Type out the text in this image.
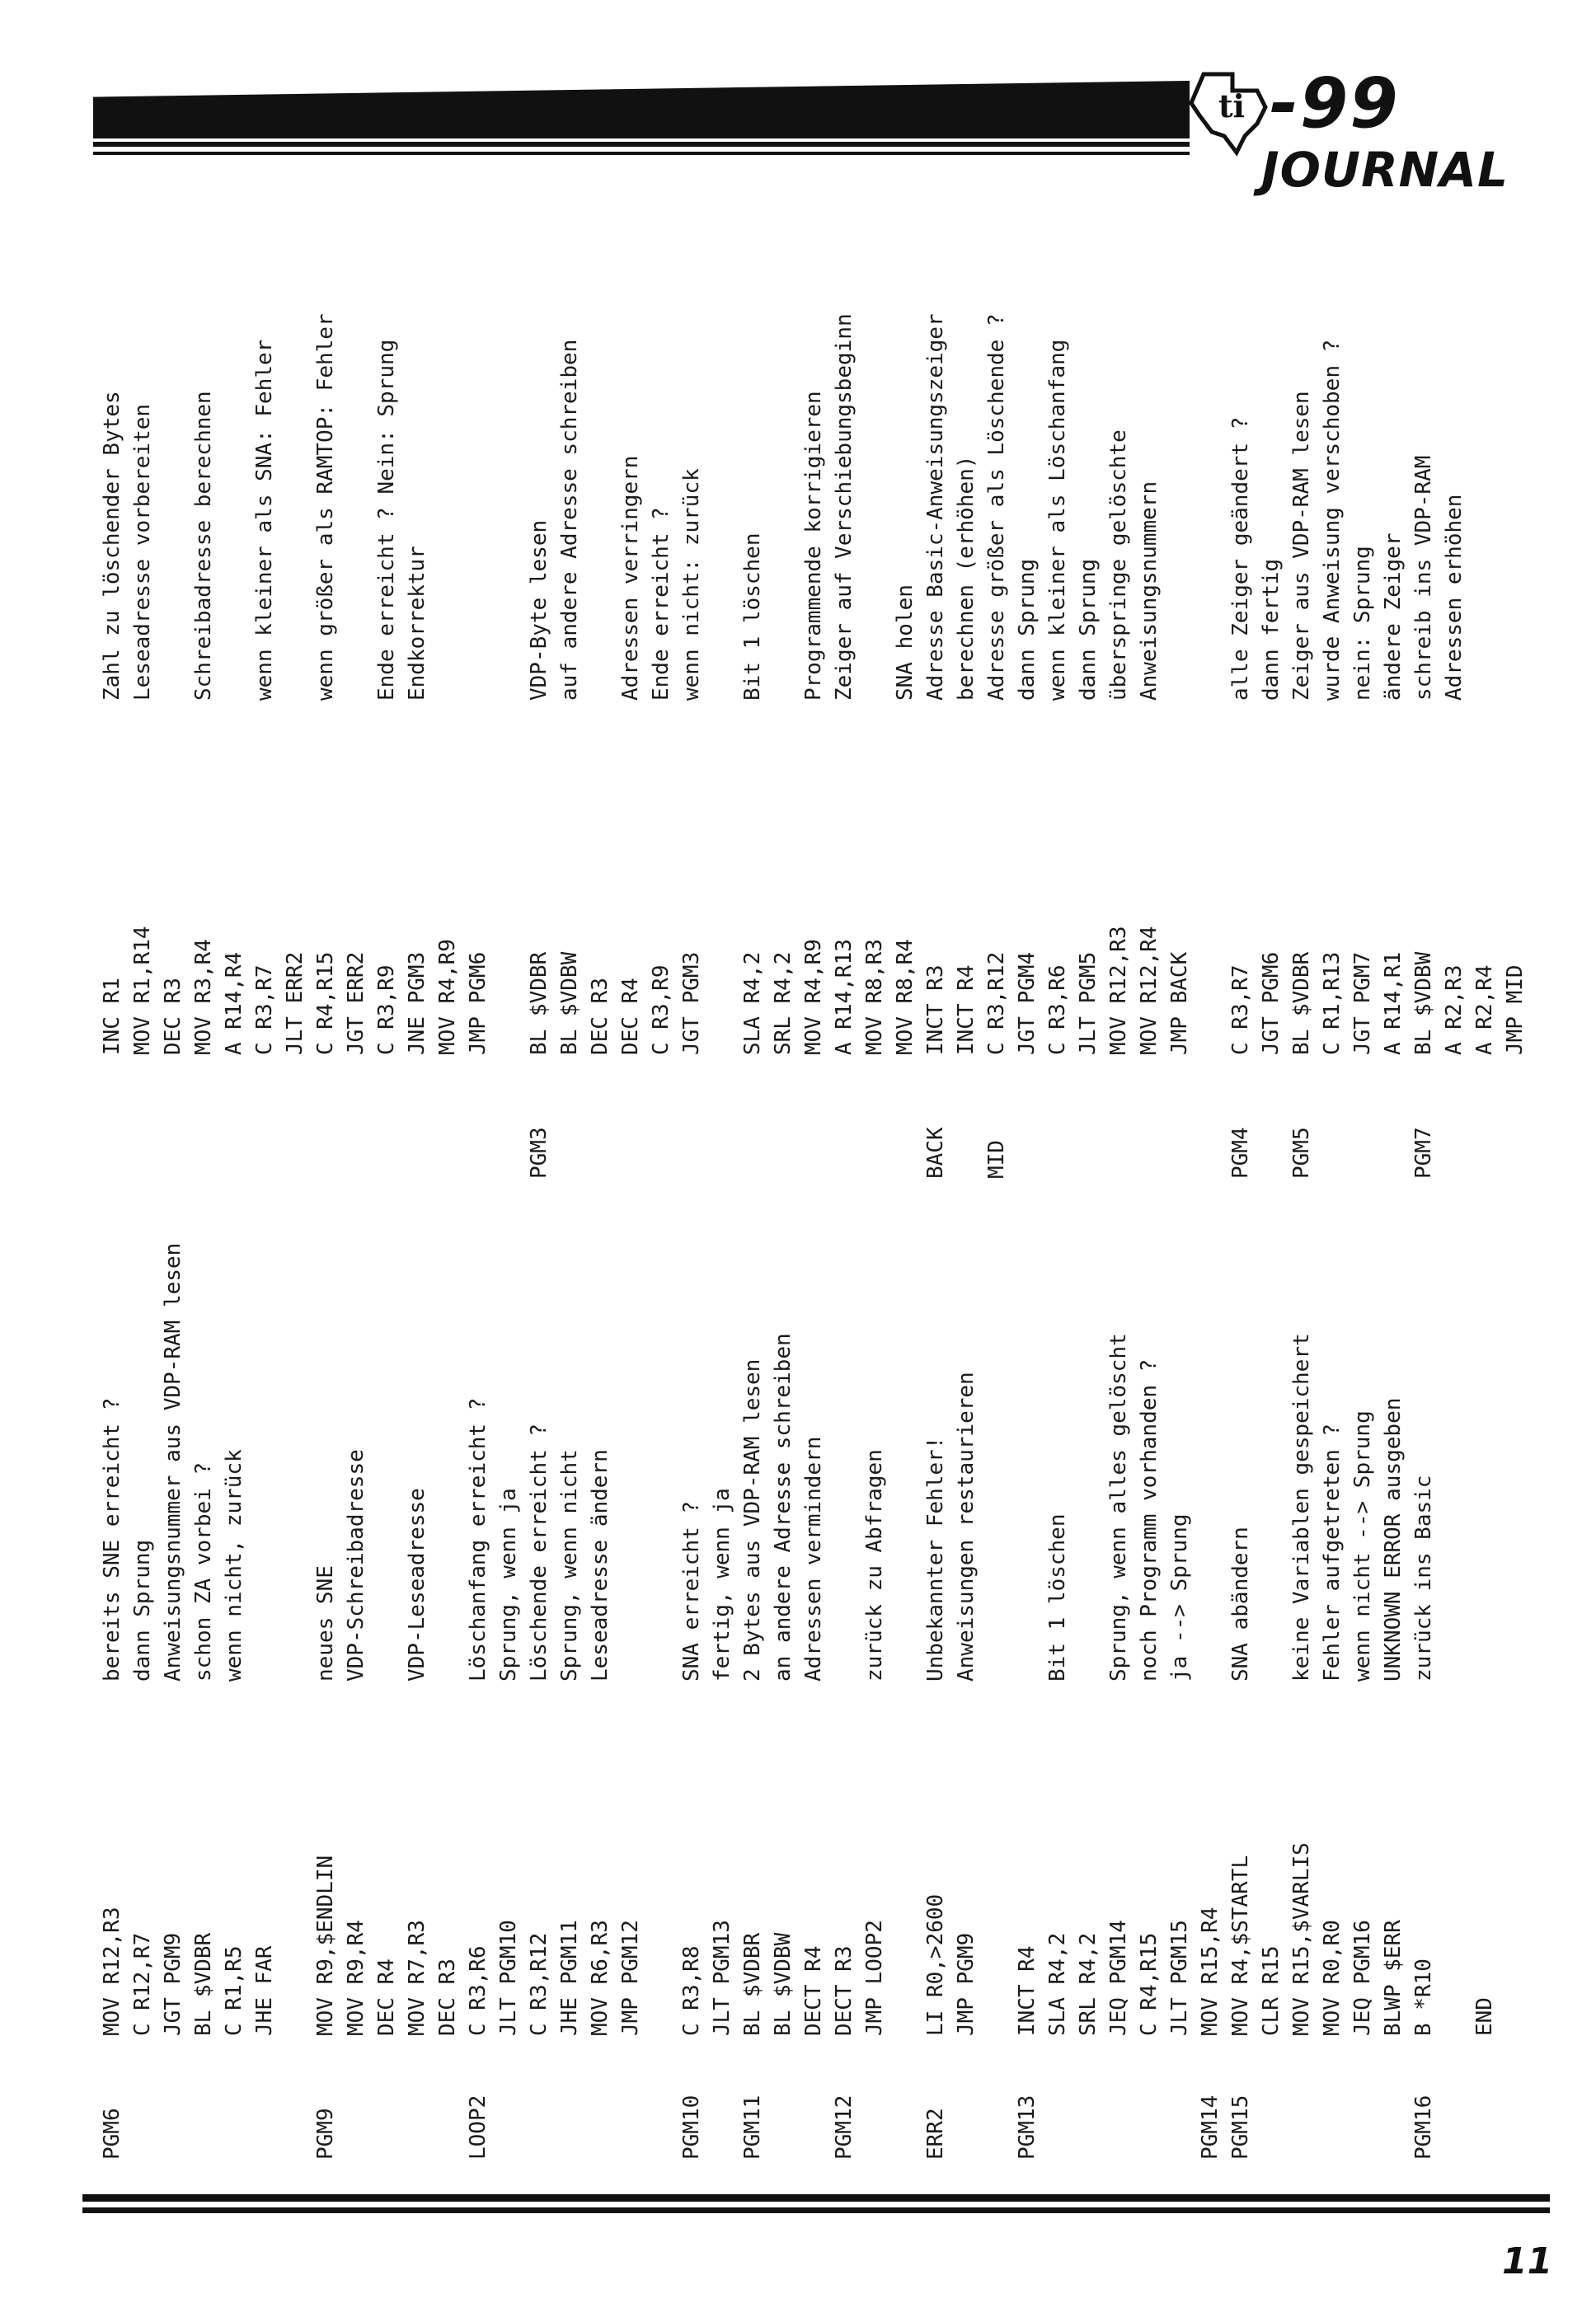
ti -99
JOURNAL
PGM6
MOV R12,R3
bereits SNE erreicht ?
C R12,R7
dann Sprung
JGT PGM9
Anweisungsnummer aus VDP-RAM lesen
BL $VDBR
schon ZA vorbei ?
C R1,R5
wenn nicht, zurück
JHE FAR
PGM9
MOV R9,$ENDLIN
neues SNE
MOV R9,R4
VDP-Schreibadresse
DEC R4 MOV R7,R3
VDP-Leseadresse
DEC R3
LOOP2
C R3,R6
Löschanfang erreicht ?
JLT PGM10
Sprung, wenn ja
C R3,R12
Löschende erreicht ?
JHE PGM11
Sprung, wenn nicht
MOV R6,R3
Leseadresse ändern
JMP PGM12
PGM10
C R3,R8
SNA erreicht ?
JLT PGM13
fertig, wenn ja
PGM11
BL $VDBR
2 Bytes aus VDP-RAM lesen
BL $VDBW
an andere Adresse schreiben
DECT R4
Adressen vermindern
PGM12
DECT R3 JMP LOOP2
zurück zu Abfragen
ERR2
LI R0,>2600
Unbekannter Fehler!
JMP PGM9
Anweisungen restaurieren
PGM13
INCT R4 SLA R4,2
Bit 1 löschen
SRL R4,2 JEQ PGM14
Sprung, wenn alles gelöscht
C R4,R15
noch Programm vorhanden ?
JLT PGM15
ja --> Sprung
PGM14
MOV R15,R4
PGM15
MOV R4,$STARTL
SNA abändern
CLR R15 MOV R15,$VARLIS
keine Variablen gespeichert
MOV R0,R0
Fehler aufgetreten ?
JEQ PGM16
wenn nicht --> Sprung
BLWP $ERR
UNKNOWN ERROR ausgeben
PGM16
B *R10
zurück ins Basic
END
INC R1
Zahl zu löschender Bytes
MOV R1,R14
Leseadresse vorbereiten
DEC R3 MOV R3,R4
Schreibadresse berechnen
A R14,R4 C R3,R7
wenn kleiner als SNA: Fehler
JLT ERR2 C R4,R15
wenn größer als RAMTOP: Fehler
JGT ERR2 C R3,R9
Ende erreicht ? Nein: Sprung
JNE PGM3
Endkorrektur
MOV R4,R9 JMP PGM6
PGM3
BL $VDBR
VDP-Byte lesen
BL $VDBW
auf andere Adresse schreiben
DEC R3 DEC R4
Adressen verringern
C R3,R9
Ende erreicht ?
JGT PGM3
wenn nicht: zurück
SLA R4,2
Bit 1 löschen
SRL R4,2 MOV R4,R9
Programmende korrigieren
A R14,R13
Zeiger auf Verschiebungsbeginn
MOV R8,R3 MOV R8,R4
SNA holen
BACK
INCT R3
Adresse Basic-Anweisungszeiger
INCT R4
berechnen (erhöhen)
MID
C R3,R12
Adresse größer als Löschende ?
JGT PGM4
dann Sprung
C R3,R6
wenn kleiner als Löschanfang
JLT PGM5
dann Sprung
MOV R12,R3
überspringe gelöschte
MOV R12,R4
Anweisungsnummern
JMP BACK
PGM4
C R3,R7
alle Zeiger geändert ?
JGT PGM6
dann fertig
PGM5
BL $VDBR
Zeiger aus VDP-RAM lesen
C R1,R13
wurde Anweisung verschoben ?
JGT PGM7
nein: Sprung
A R14,R1
ändere Zeiger
PGM7
BL $VDBW
schreib ins VDP-RAM
A R2,R3
Adressen erhöhen
A R2,R4 JMP MID
11
